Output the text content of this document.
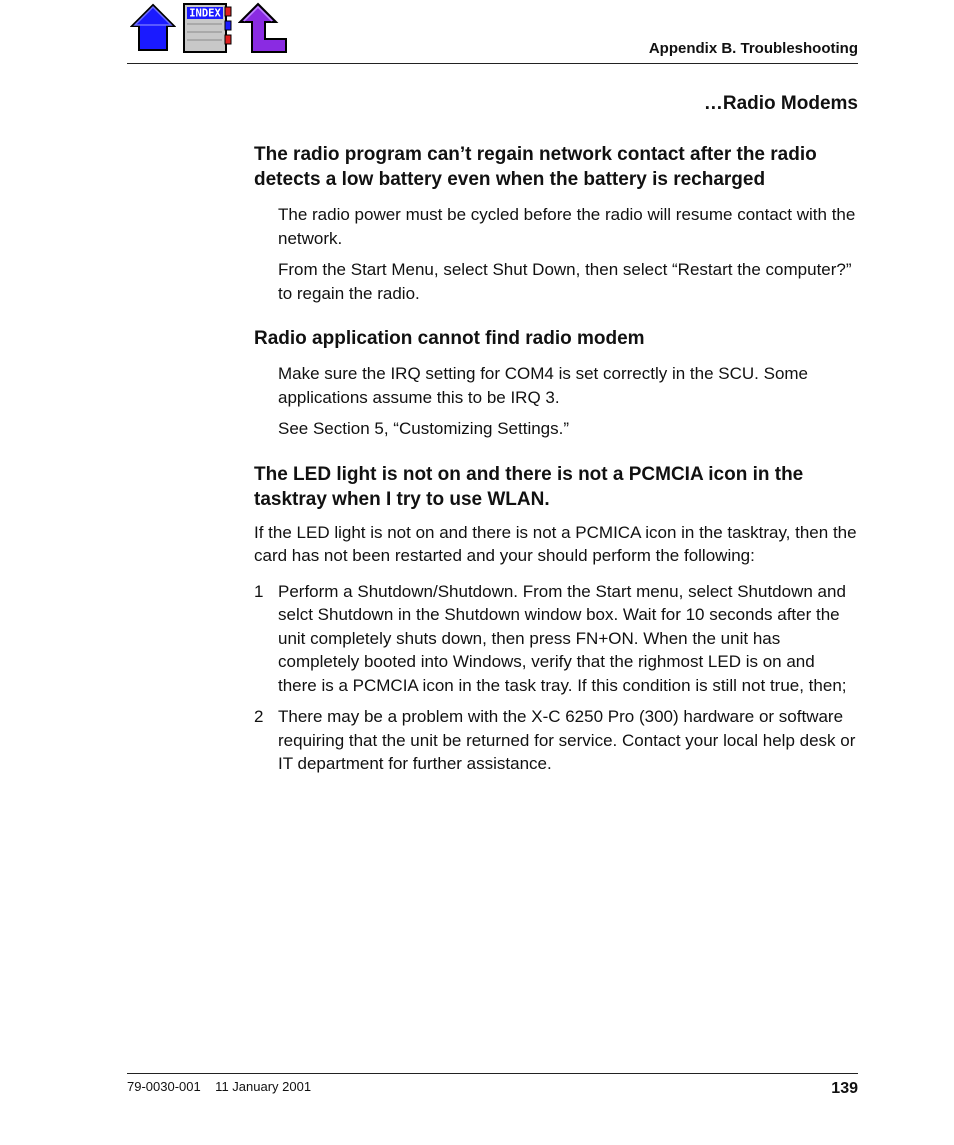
INDEX
Appendix B. Troubleshooting
…Radio Modems
The radio program can’t regain network contact after the radio detects a low battery even when the battery is recharged

The radio power must be cycled before the radio will resume contact with the network.

From the Start Menu, select Shut Down, then select “Restart the computer?” to regain the radio.

Radio application cannot find radio modem

Make sure the IRQ setting for COM4 is set correctly in the SCU. Some applications assume this to be IRQ 3.

See Section 5, “Customizing Settings.”

The LED light is not on and there is not a PCMCIA icon in the tasktray when I try to use WLAN.

If the LED light is not on and there is not a PCMICA icon in the tasktray, then the card has not been restarted and your should perform the following:

1 Perform a Shutdown/Shutdown. From the Start menu, select Shutdown and selct Shutdown in the Shutdown window box. Wait for 10 seconds after the unit completely shuts down, then press FN+ON. When the unit has completely booted into Windows, verify that the righmost LED is on and there is a PCMCIA icon in the task tray. If this condition is still not true, then;
2 There may be a problem with the X-C 6250 Pro (300) hardware or software requiring that the unit be returned for service. Contact your local help desk or IT department for further assistance.
79-0030-001    11 January 2001	139
